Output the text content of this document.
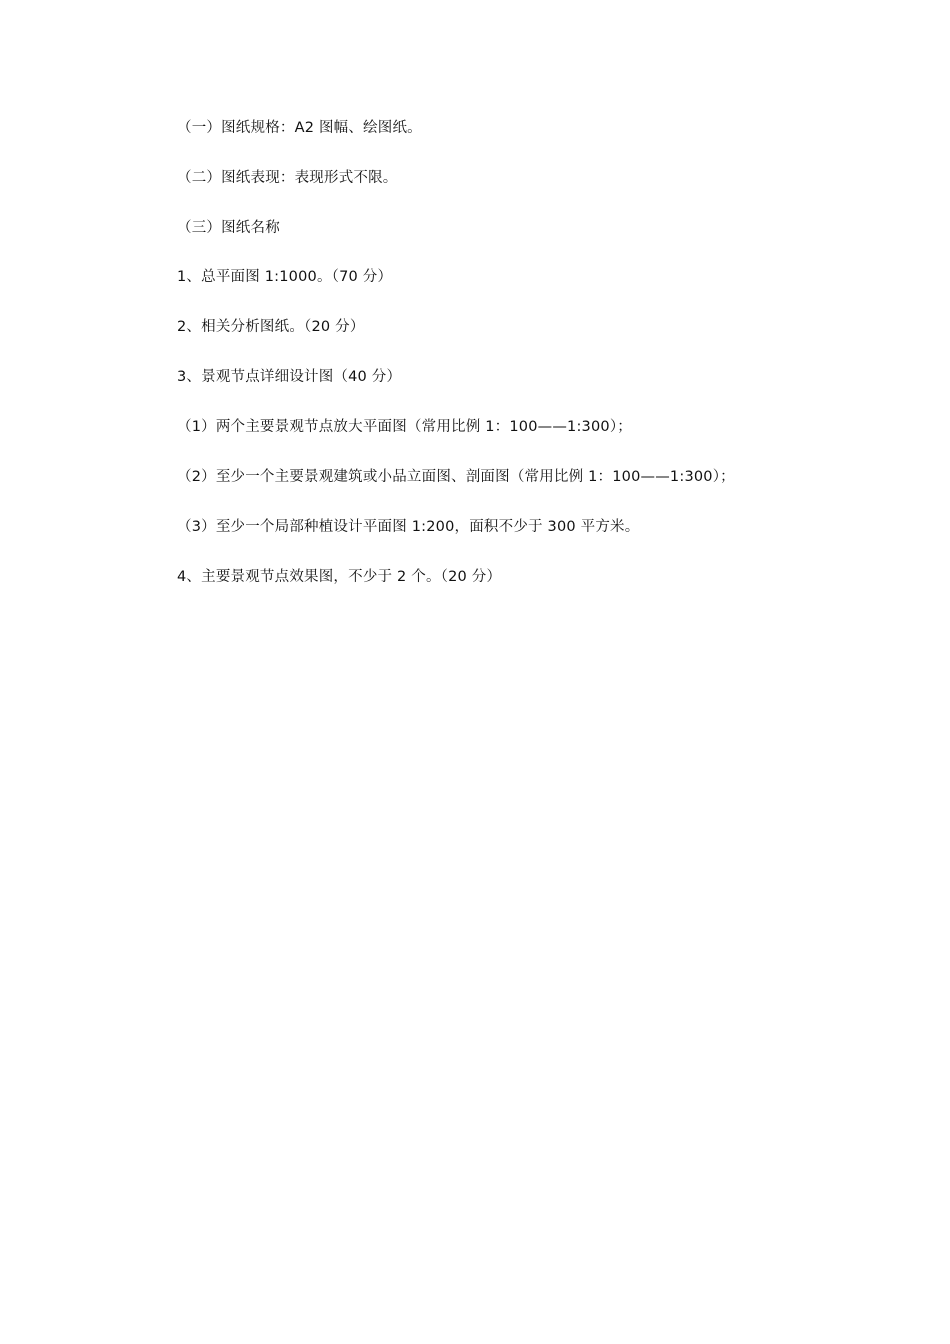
（一）图纸规格：A2 图幅、绘图纸。
（二）图纸表现：表现形式不限。
（三）图纸名称
1、总平面图 1:1000。（70 分）
2、相关分析图纸。（20 分）
3、景观节点详细设计图（40 分）
（1）两个主要景观节点放大平面图（常用比例 1：100——1:300）；
（2）至少一个主要景观建筑或小品立面图、剖面图（常用比例 1：100——1:300）；
（3）至少一个局部种植设计平面图 1:200，面积不少于 300 平方米。
4、主要景观节点效果图，不少于 2 个。（20 分）
